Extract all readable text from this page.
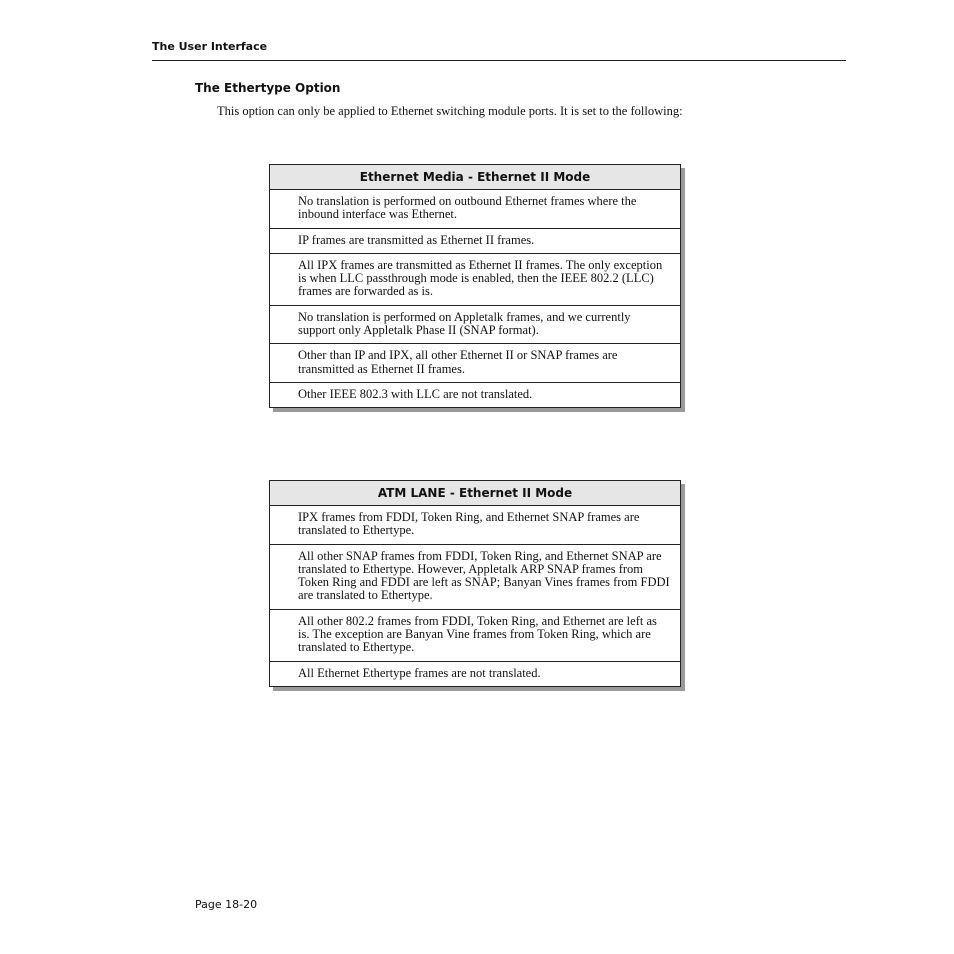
The User Interface
The Ethertype Option

This option can only be applied to Ethernet switching module ports. It is set to the following:

Ethernet Media - Ethernet II Mode
No translation is performed on outbound Ethernet frames where the inbound interface was Ethernet.
IP frames are transmitted as Ethernet II frames.
All IPX frames are transmitted as Ethernet II frames. The only exception is when LLC passthrough mode is enabled, then the IEEE 802.2 (LLC) frames are forwarded as is.
No translation is performed on Appletalk frames, and we currently support only Appletalk Phase II (SNAP format).
Other than IP and IPX, all other Ethernet II or SNAP frames are transmitted as Ethernet II frames.
Other IEEE 802.3 with LLC are not translated.
ATM LANE - Ethernet II Mode
IPX frames from FDDI, Token Ring, and Ethernet SNAP frames are translated to Ethertype.
All other SNAP frames from FDDI, Token Ring, and Ethernet SNAP are translated to Ethertype. However, Appletalk ARP SNAP frames from Token Ring and FDDI are left as SNAP; Banyan Vines frames from FDDI are translated to Ethertype.
All other 802.2 frames from FDDI, Token Ring, and Ethernet are left as is. The exception are Banyan Vine frames from Token Ring, which are translated to Ethertype.
All Ethernet Ethertype frames are not translated.
Page 18-20
